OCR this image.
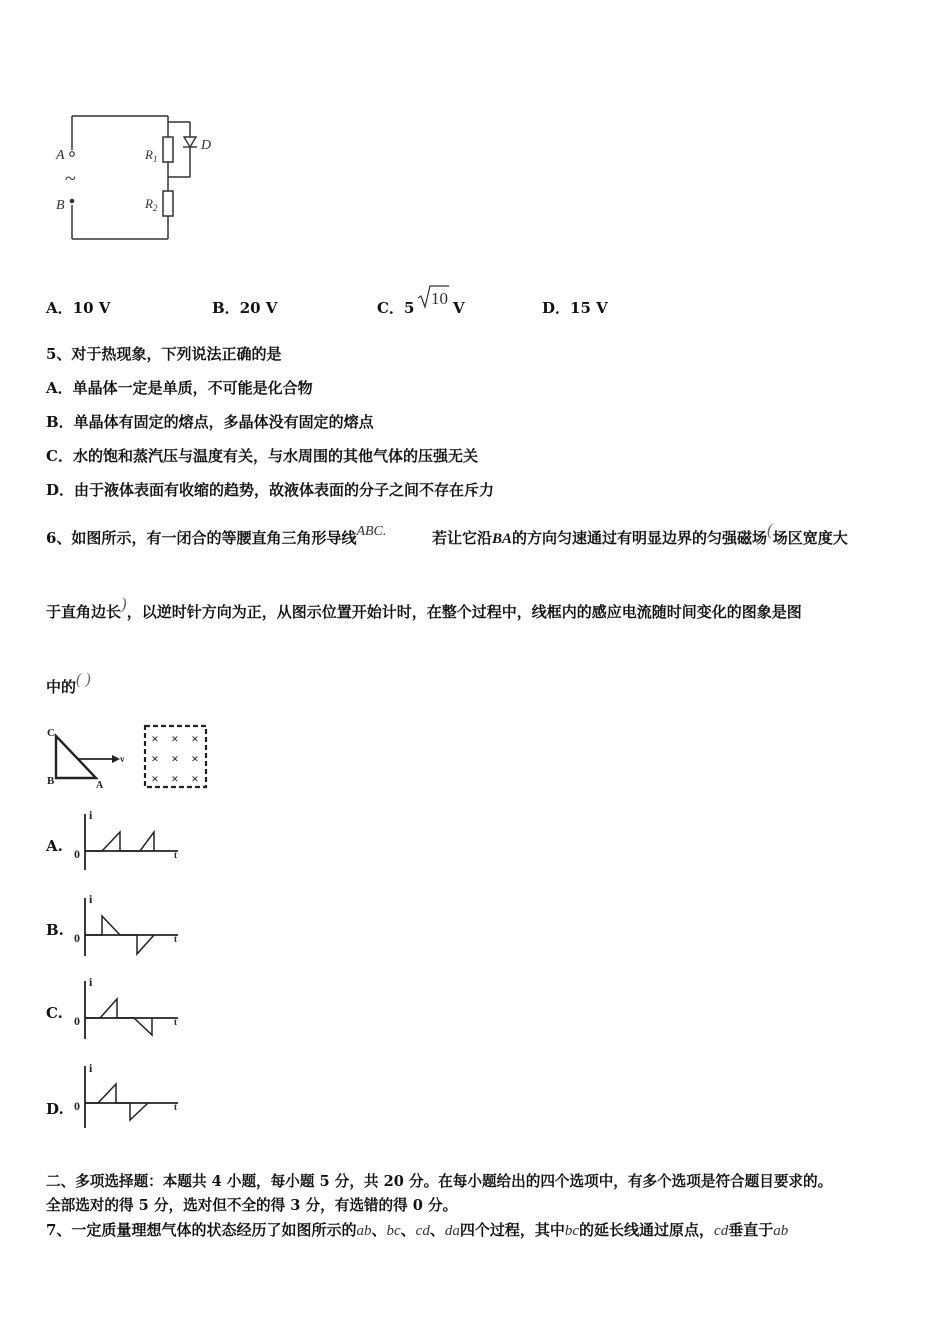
A
~
B
$R_1$
$R_2$
D
A．10 V	B．20 V	C．5 10 V	D．15 V
5、对于热现象，下列说法正确的是
A．单晶体一定是单质，不可能是化合物
B．单晶体有固定的熔点，多晶体没有固定的熔点
C．水的饱和蒸汽压与温度有关，与水周围的其他气体的压强无关
D．由于液体表面有收缩的趋势，故液体表面的分子之间不存在斥力
6、如图所示，有一闭合的等腰直角三角形导线ABC.	若让它沿BA的方向匀速通过有明显边界的匀强磁场(场区宽度大
于直角边长)，以逆时针方向为正，从图示位置开始计时，在整个过程中，线框内的感应电流随时间变化的图象是图
中的( )
C
B	A
v
× × ×
× × ×
× × ×
A.
i
0	t
B.
i
0	t
C.
i
0	t
D.
i
0	t
二、多项选择题：本题共 4 小题，每小题 5 分，共 20 分。在每小题给出的四个选项中，有多个选项是符合题目要求的。
全部选对的得 5 分，选对但不全的得 3 分，有选错的得 0 分。
7、一定质量理想气体的状态经历了如图所示的ab、bc、cd、da四个过程，其中bc的延长线通过原点，cd垂直于ab
